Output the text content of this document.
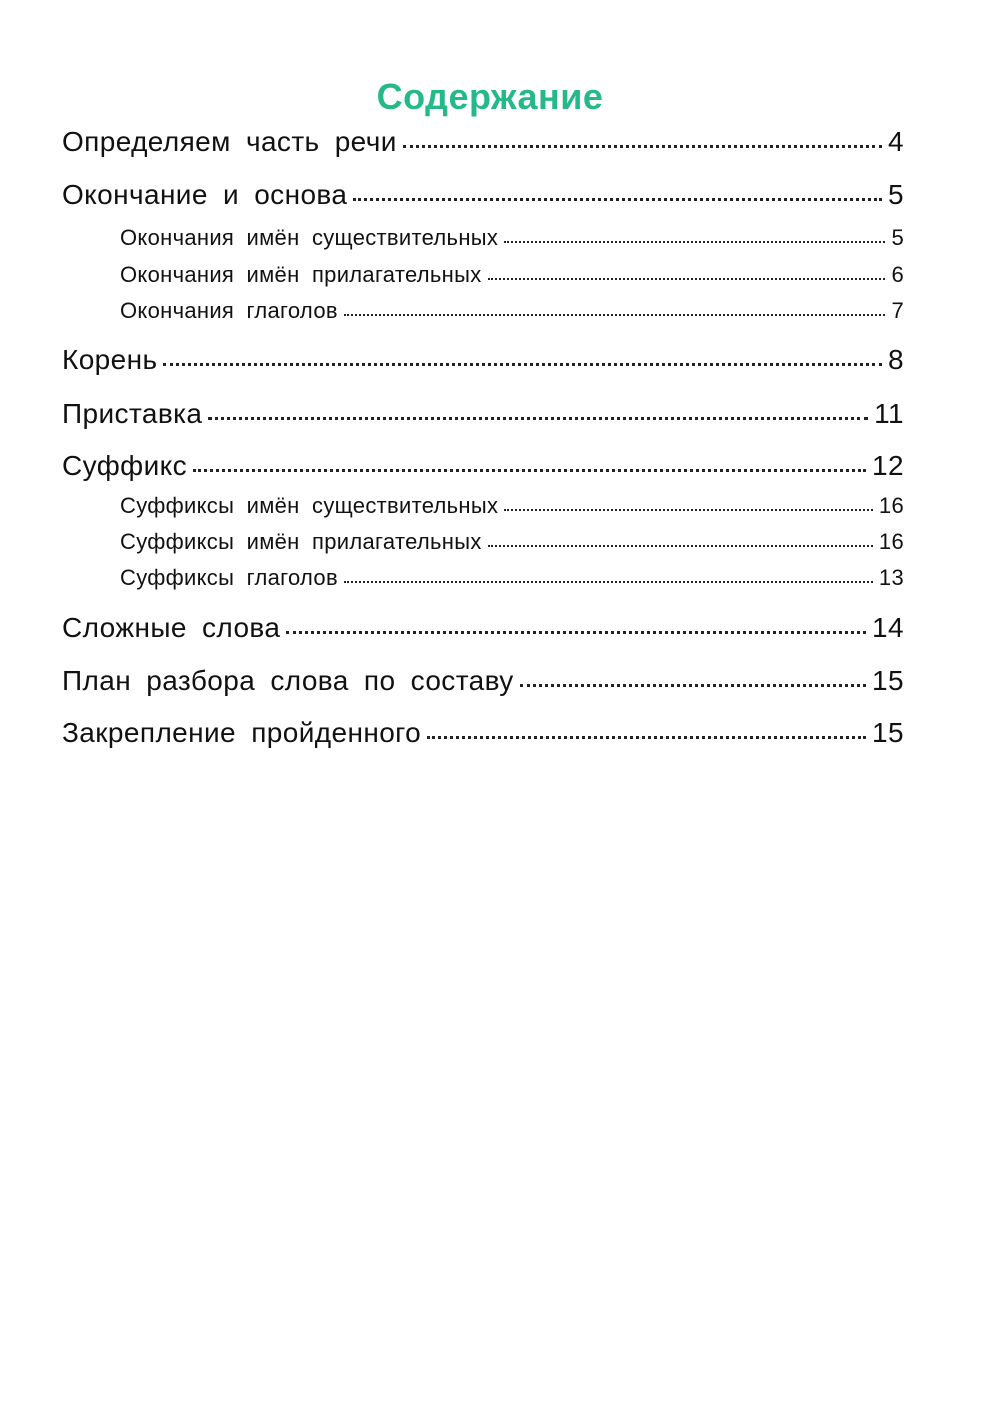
Содержание
Определяем часть речи	4
Окончание и основа	5
Окончания имён существительных	5
Окончания имён прилагательных	6
Окончания глаголов	7
Корень	8
Приставка	11
Суффикс	12
Суффиксы имён существительных	16
Суффиксы имён прилагательных	16
Суффиксы глаголов	13
Сложные слова	14
План разбора слова по составу	15
Закрепление пройденного	15
